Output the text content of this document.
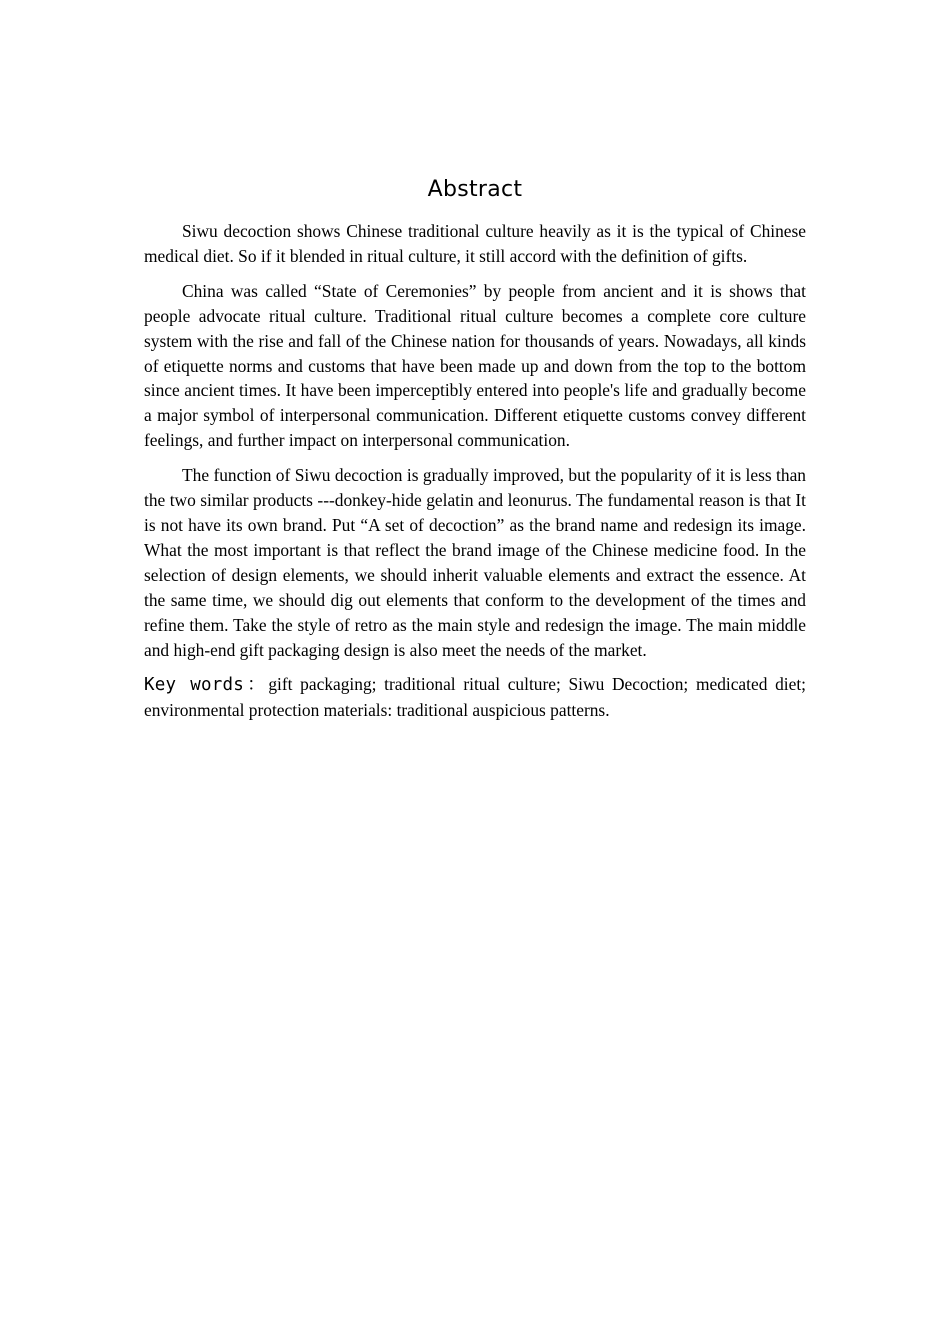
Abstract

Siwu decoction shows Chinese traditional culture heavily as it is the typical of Chinese medical diet. So if it blended in ritual culture, it still accord with the definition of gifts.

China was called “State of Ceremonies” by people from ancient and it is shows that people advocate ritual culture. Traditional ritual culture becomes a complete core culture system with the rise and fall of the Chinese nation for thousands of years. Nowadays, all kinds of etiquette norms and customs that have been made up and down from the top to the bottom since ancient times. It have been imperceptibly entered into people's life and gradually become a major symbol of interpersonal communication. Different etiquette customs convey different feelings, and further impact on interpersonal communication.

The function of Siwu decoction is gradually improved, but the popularity of it is less than the two similar products ---donkey-hide gelatin and leonurus. The fundamental reason is that It is not have its own brand. Put “A set of decoction” as the brand name and redesign its image. What the most important is that reflect the brand image of the Chinese medicine food. In the selection of design elements, we should inherit valuable elements and extract the essence. At the same time, we should dig out elements that conform to the development of the times and refine them. Take the style of retro as the main style and redesign the image. The main middle and high-end gift packaging design is also meet the needs of the market.

Key words：gift packaging; traditional ritual culture; Siwu Decoction; medicated diet; environmental protection materials: traditional auspicious patterns.
